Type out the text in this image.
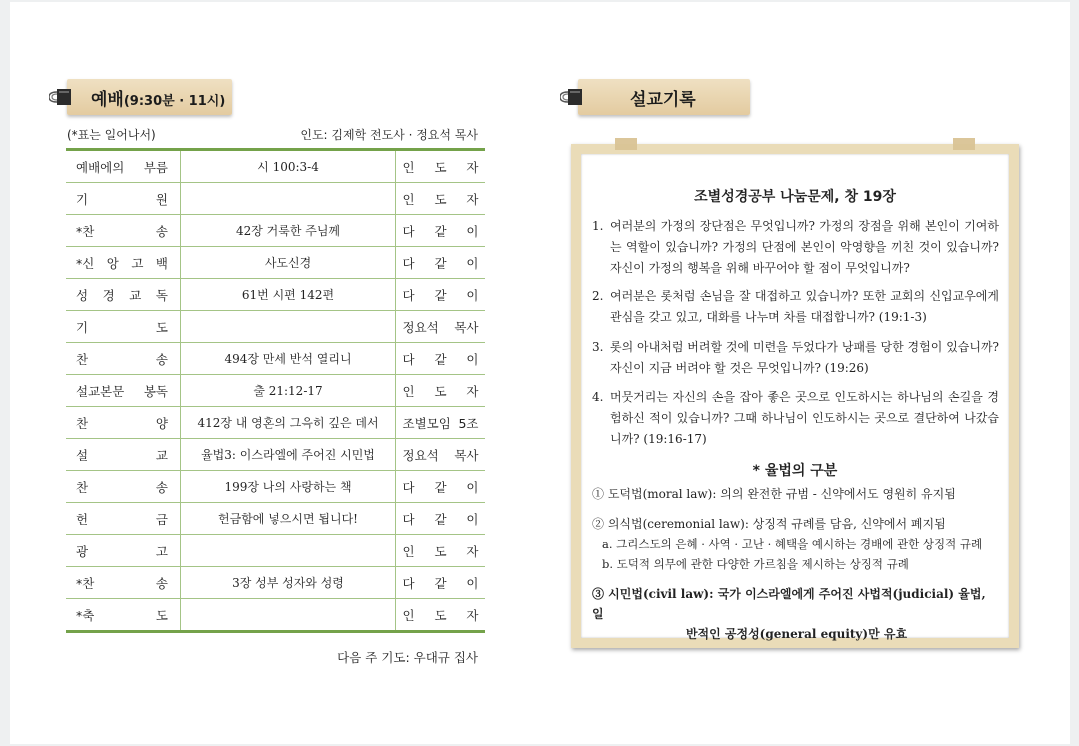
예배(9:30분 · 11시)
(*표는 일어나서)	인도: 김제학 전도사 · 정요석 목사
예배에의 부름	시 100:3-4	인 도 자
기 원		인 도 자
*찬 송	42장 거룩한 주님께	다 같 이
*신 앙 고 백	사도신경	다 같 이
성 경 교 독	61번 시편 142편	다 같 이
기 도		정요석 목사
찬 송	494장 만세 반석 열리니	다 같 이
설교본문 봉독	출 21:12-17	인 도 자
찬 양	412장 내 영혼의 그윽히 깊은 데서	조별모임 5조
설 교	율법3: 이스라엘에 주어진 시민법	정요석 목사
찬 송	199장 나의 사랑하는 책	다 같 이
헌 금	헌금함에 넣으시면 됩니다!	다 같 이
광 고		인 도 자
*찬 송	3장 성부 성자와 성령	다 같 이
*축 도		인 도 자
다음 주 기도: 우대규 집사
설교기록
조별성경공부 나눔문제, 창 19장
1. 여러분의 가정의 장단점은 무엇입니까? 가정의 장점을 위해 본인이 기여하는 역할이 있습니까? 가정의 단점에 본인이 악영향을 끼친 것이 있습니까? 자신이 가정의 행복을 위해 바꾸어야 할 점이 무엇입니까?
2. 여러분은 롯처럼 손님을 잘 대접하고 있습니까? 또한 교회의 신입교우에게 관심을 갖고 있고, 대화를 나누며 차를 대접합니까? (19:1-3)
3. 롯의 아내처럼 버려할 것에 미련을 두었다가 낭패를 당한 경험이 있습니까? 자신이 지금 버려야 할 것은 무엇입니까? (19:26)
4. 머뭇거리는 자신의 손을 잡아 좋은 곳으로 인도하시는 하나님의 손길을 경험하신 적이 있습니까? 그때 하나님이 인도하시는 곳으로 결단하여 나갔습니까? (19:16-17)
* 율법의 구분
① 도덕법(moral law): 의의 완전한 규범 - 신약에서도 영원히 유지됨
② 의식법(ceremonial law): 상징적 규례를 담음, 신약에서 폐지됨
a. 그리스도의 은혜 · 사역 · 고난 · 혜택을 예시하는 경배에 관한 상징적 규례
b. 도덕적 의무에 관한 다양한 가르침을 제시하는 상징적 규례
③ 시민법(civil law): 국가 이스라엘에게 주어진 사법적(judicial) 율법, 일
반적인 공정성(general equity)만 유효
